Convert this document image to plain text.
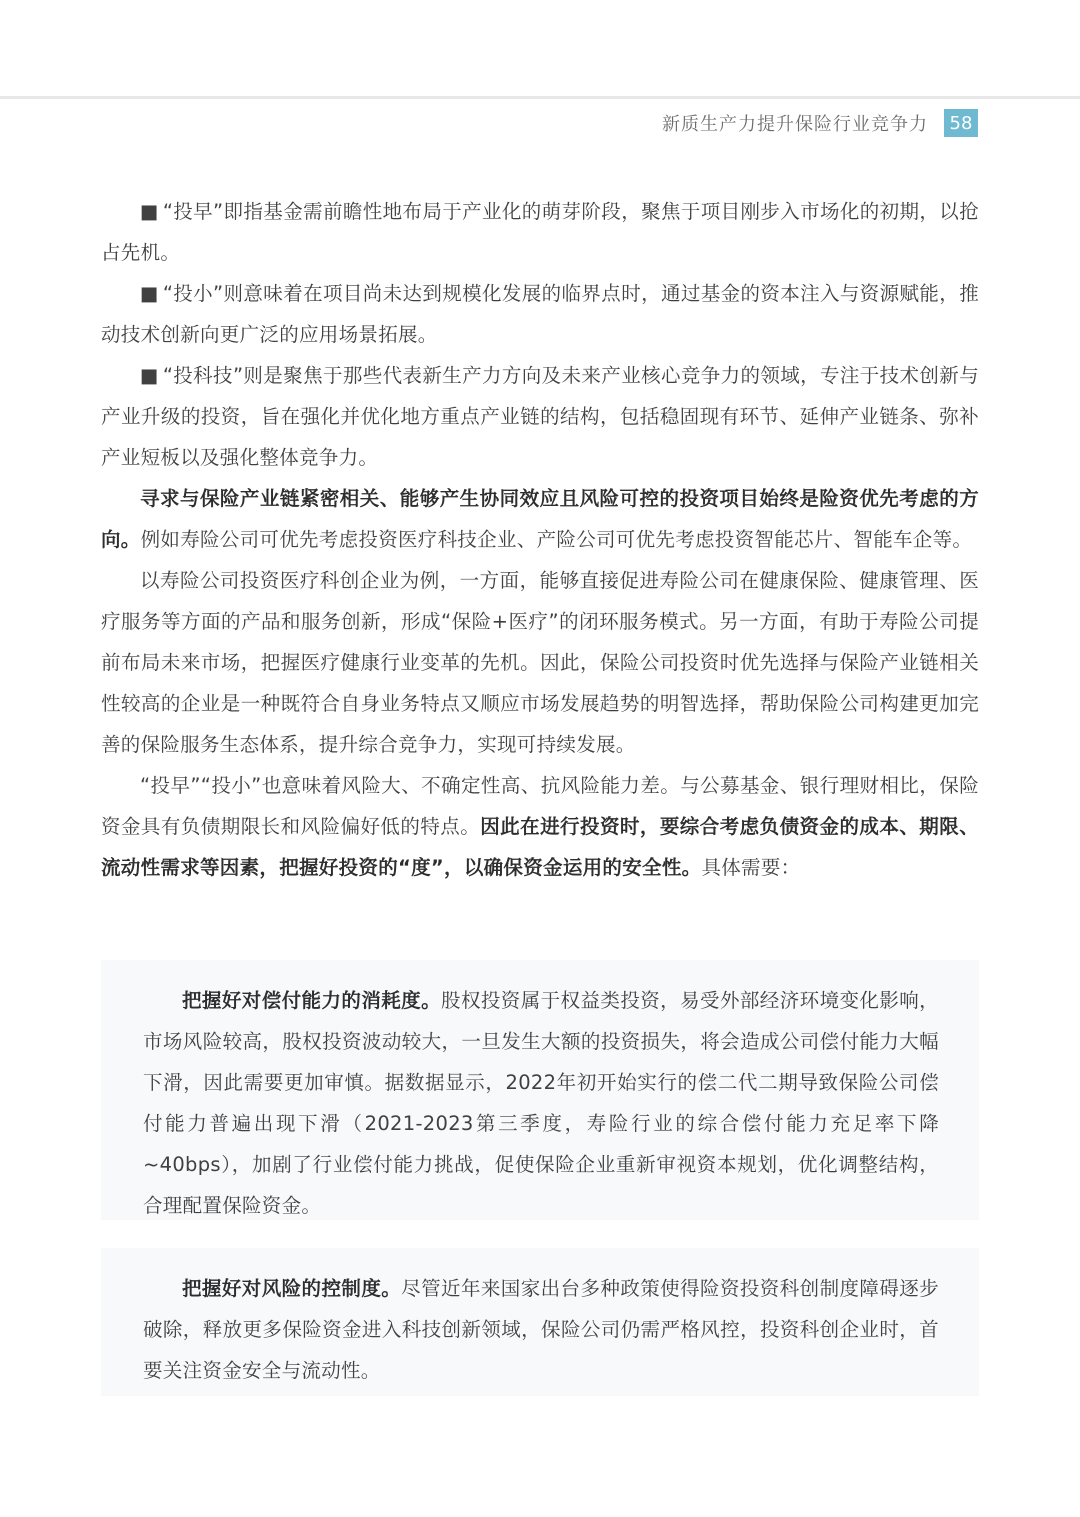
新质生产力提升保险行业竞争力	58

■ “投早”即指基金需前瞻性地布局于产业化的萌芽阶段，聚焦于项目刚步入市场化的初期，以抢占先机。

■ “投小”则意味着在项目尚未达到规模化发展的临界点时，通过基金的资本注入与资源赋能，推动技术创新向更广泛的应用场景拓展。

■ “投科技”则是聚焦于那些代表新生产力方向及未来产业核心竞争力的领域，专注于技术创新与产业升级的投资，旨在强化并优化地方重点产业链的结构，包括稳固现有环节、延伸产业链条、弥补产业短板以及强化整体竞争力。

寻求与保险产业链紧密相关、能够产生协同效应且风险可控的投资项目始终是险资优先考虑的方向。例如寿险公司可优先考虑投资医疗科技企业、产险公司可优先考虑投资智能芯片、智能车企等。

以寿险公司投资医疗科创企业为例，一方面，能够直接促进寿险公司在健康保险、健康管理、医疗服务等方面的产品和服务创新，形成“保险+医疗”的闭环服务模式。另一方面，有助于寿险公司提前布局未来市场，把握医疗健康行业变革的先机。因此，保险公司投资时优先选择与保险产业链相关性较高的企业是一种既符合自身业务特点又顺应市场发展趋势的明智选择，帮助保险公司构建更加完善的保险服务生态体系，提升综合竞争力，实现可持续发展。

“投早”“投小”也意味着风险大、不确定性高、抗风险能力差。与公募基金、银行理财相比，保险资金具有负债期限长和风险偏好低的特点。因此在进行投资时，要综合考虑负债资金的成本、期限、流动性需求等因素，把握好投资的“度”，以确保资金运用的安全性。具体需要：

把握好对偿付能力的消耗度。股权投资属于权益类投资，易受外部经济环境变化影响，市场风险较高，股权投资波动较大，一旦发生大额的投资损失，将会造成公司偿付能力大幅下滑，因此需要更加审慎。据数据显示，2022年初开始实行的偿二代二期导致保险公司偿付能力普遍出现下滑（2021-2023第三季度，寿险行业的综合偿付能力充足率下降~40bps），加剧了行业偿付能力挑战，促使保险企业重新审视资本规划，优化调整结构，合理配置保险资金。

把握好对风险的控制度。尽管近年来国家出台多种政策使得险资投资科创制度障碍逐步破除，释放更多保险资金进入科技创新领域，保险公司仍需严格风控，投资科创企业时，首要关注资金安全与流动性。
